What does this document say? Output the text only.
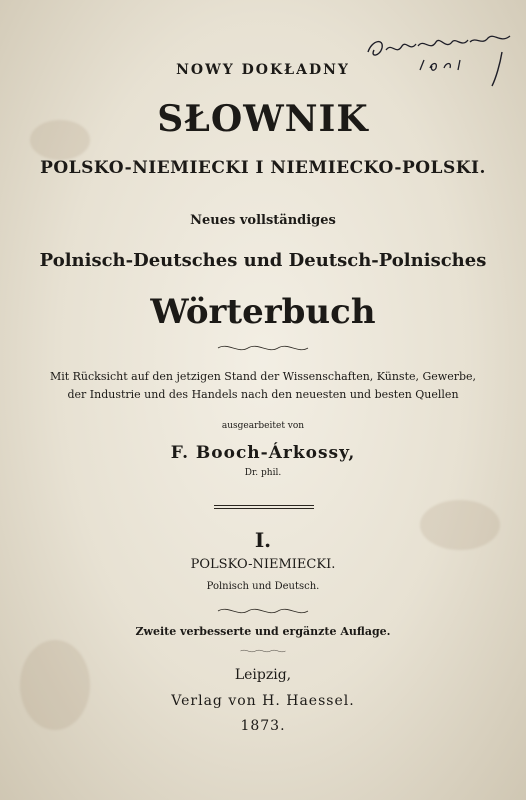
NOWY DOKŁADNY
SŁOWNIK
POLSKO-NIEMIECKI I NIEMIECKO-POLSKI.
Neues vollständiges
Polnisch-Deutsches und Deutsch-Polnisches
Wörterbuch
Mit Rücksicht auf den jetzigen Stand der Wissenschaften, Künste, Gewerbe,
der Industrie und des Handels nach den neuesten und besten Quellen
ausgearbeitet von
F. Booch-Árkossy,
Dr. phil.
I.
POLSKO-NIEMIECKI.
Polnisch und Deutsch.
Zweite verbesserte und ergänzte Auflage.
Leipzig,
Verlag von H. Haessel.
1873.
